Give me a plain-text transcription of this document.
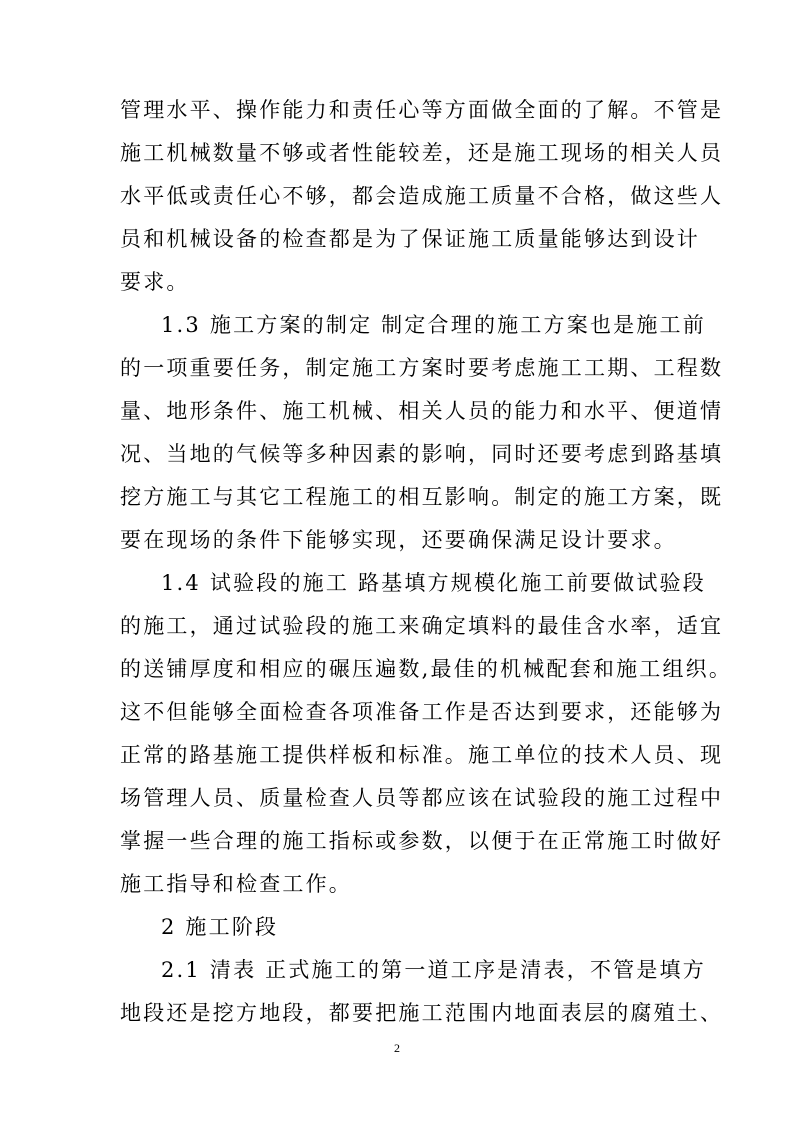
管理水平、操作能力和责任心等方面做全面的了解。不管是
施工机械数量不够或者性能较差，还是施工现场的相关人员
水平低或责任心不够，都会造成施工质量不合格，做这些人
员和机械设备的检查都是为了保证施工质量能够达到设计
要求。
1.3 施工方案的制定 制定合理的施工方案也是施工前
的一项重要任务，制定施工方案时要考虑施工工期、工程数
量、地形条件、施工机械、相关人员的能力和水平、便道情
况、当地的气候等多种因素的影响，同时还要考虑到路基填
挖方施工与其它工程施工的相互影响。制定的施工方案，既
要在现场的条件下能够实现，还要确保满足设计要求。
1.4 试验段的施工 路基填方规模化施工前要做试验段
的施工，通过试验段的施工来确定填料的最佳含水率，适宜
的送铺厚度和相应的碾压遍数,最佳的机械配套和施工组织。
这不但能够全面检查各项准备工作是否达到要求，还能够为
正常的路基施工提供样板和标准。施工单位的技术人员、现
场管理人员、质量检查人员等都应该在试验段的施工过程中
掌握一些合理的施工指标或参数，以便于在正常施工时做好
施工指导和检查工作。
2 施工阶段
2.1 清表 正式施工的第一道工序是清表，不管是填方
地段还是挖方地段，都要把施工范围内地面表层的腐殖土、
2
